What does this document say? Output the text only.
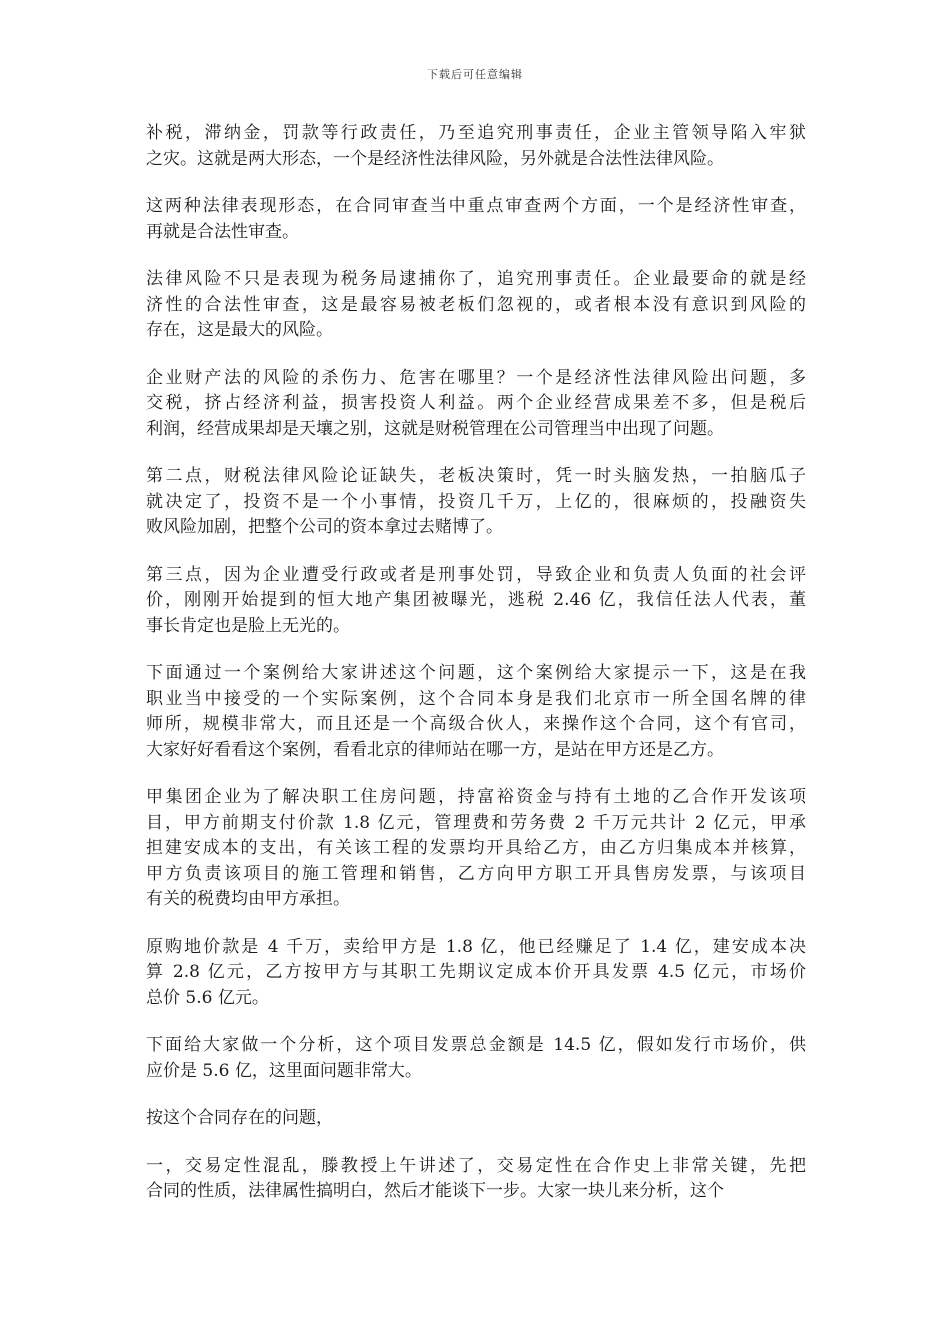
下载后可任意编辑

补税，滞纳金，罚款等行政责任，乃至追究刑事责任，企业主管领导陷入牢狱
之灾。这就是两大形态，一个是经济性法律风险，另外就是合法性法律风险。

这两种法律表现形态，在合同审查当中重点审查两个方面，一个是经济性审查，
再就是合法性审查。

法律风险不只是表现为税务局逮捕你了，追究刑事责任。企业最要命的就是经
济性的合法性审查，这是最容易被老板们忽视的，或者根本没有意识到风险的
存在，这是最大的风险。

企业财产法的风险的杀伤力、危害在哪里？一个是经济性法律风险出问题，多
交税，挤占经济利益，损害投资人利益。两个企业经营成果差不多，但是税后
利润，经营成果却是天壤之别，这就是财税管理在公司管理当中出现了问题。

第二点，财税法律风险论证缺失，老板决策时，凭一时头脑发热，一拍脑瓜子
就决定了，投资不是一个小事情，投资几千万，上亿的，很麻烦的，投融资失
败风险加剧，把整个公司的资本拿过去赌博了。

第三点，因为企业遭受行政或者是刑事处罚，导致企业和负责人负面的社会评
价，刚刚开始提到的恒大地产集团被曝光，逃税 2.46 亿，我信任法人代表，董
事长肯定也是脸上无光的。

下面通过一个案例给大家讲述这个问题，这个案例给大家提示一下，这是在我
职业当中接受的一个实际案例，这个合同本身是我们北京市一所全国名牌的律
师所，规模非常大，而且还是一个高级合伙人，来操作这个合同，这个有官司，
大家好好看看这个案例，看看北京的律师站在哪一方，是站在甲方还是乙方。

甲集团企业为了解决职工住房问题，持富裕资金与持有土地的乙合作开发该项
目，甲方前期支付价款 1.8 亿元，管理费和劳务费 2 千万元共计 2 亿元，甲承
担建安成本的支出，有关该工程的发票均开具给乙方，由乙方归集成本并核算，
甲方负责该项目的施工管理和销售，乙方向甲方职工开具售房发票，与该项目
有关的税费均由甲方承担。

原购地价款是 4 千万，卖给甲方是 1.8 亿，他已经赚足了 1.4 亿，建安成本决
算 2.8 亿元，乙方按甲方与其职工先期议定成本价开具发票 4.5 亿元，市场价
总价 5.6 亿元。

下面给大家做一个分析，这个项目发票总金额是 14.5 亿，假如发行市场价，供
应价是 5.6 亿，这里面问题非常大。

按这个合同存在的问题，

一，交易定性混乱，滕教授上午讲述了，交易定性在合作史上非常关键，先把
合同的性质，法律属性搞明白，然后才能谈下一步。大家一块儿来分析，这个
